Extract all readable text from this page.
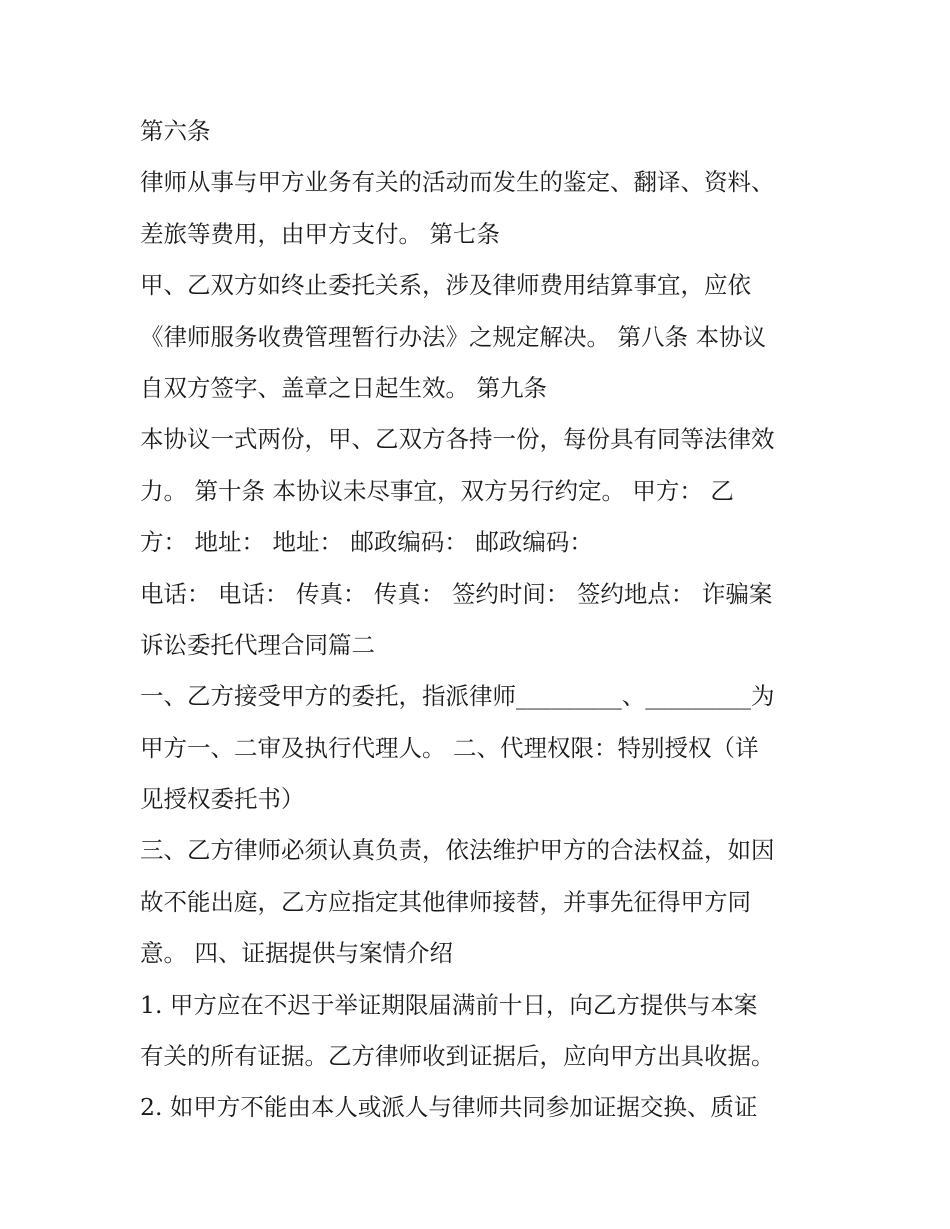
第六条
律师从事与甲方业务有关的活动而发生的鉴定、翻译、资料、
差旅等费用，由甲方支付。 第七条
甲、乙双方如终止委托关系，涉及律师费用结算事宜，应依
《律师服务收费管理暂行办法》之规定解决。 第八条 本协议
自双方签字、盖章之日起生效。 第九条
本协议一式两份，甲、乙双方各持一份，每份具有同等法律效
力。 第十条 本协议未尽事宜，双方另行约定。 甲方： 乙
方： 地址： 地址： 邮政编码： 邮政编码：
电话： 电话： 传真： 传真： 签约时间： 签约地点： 诈骗案
诉讼委托代理合同篇二
一、乙方接受甲方的委托，指派律师_________、_________为
甲方一、二审及执行代理人。 二、代理权限：特别授权（详
见授权委托书）
三、乙方律师必须认真负责，依法维护甲方的合法权益，如因
故不能出庭，乙方应指定其他律师接替，并事先征得甲方同
意。 四、证据提供与案情介绍
1. 甲方应在不迟于举证期限届满前十日，向乙方提供与本案
有关的所有证据。乙方律师收到证据后，应向甲方出具收据。
2. 如甲方不能由本人或派人与律师共同参加证据交换、质证
